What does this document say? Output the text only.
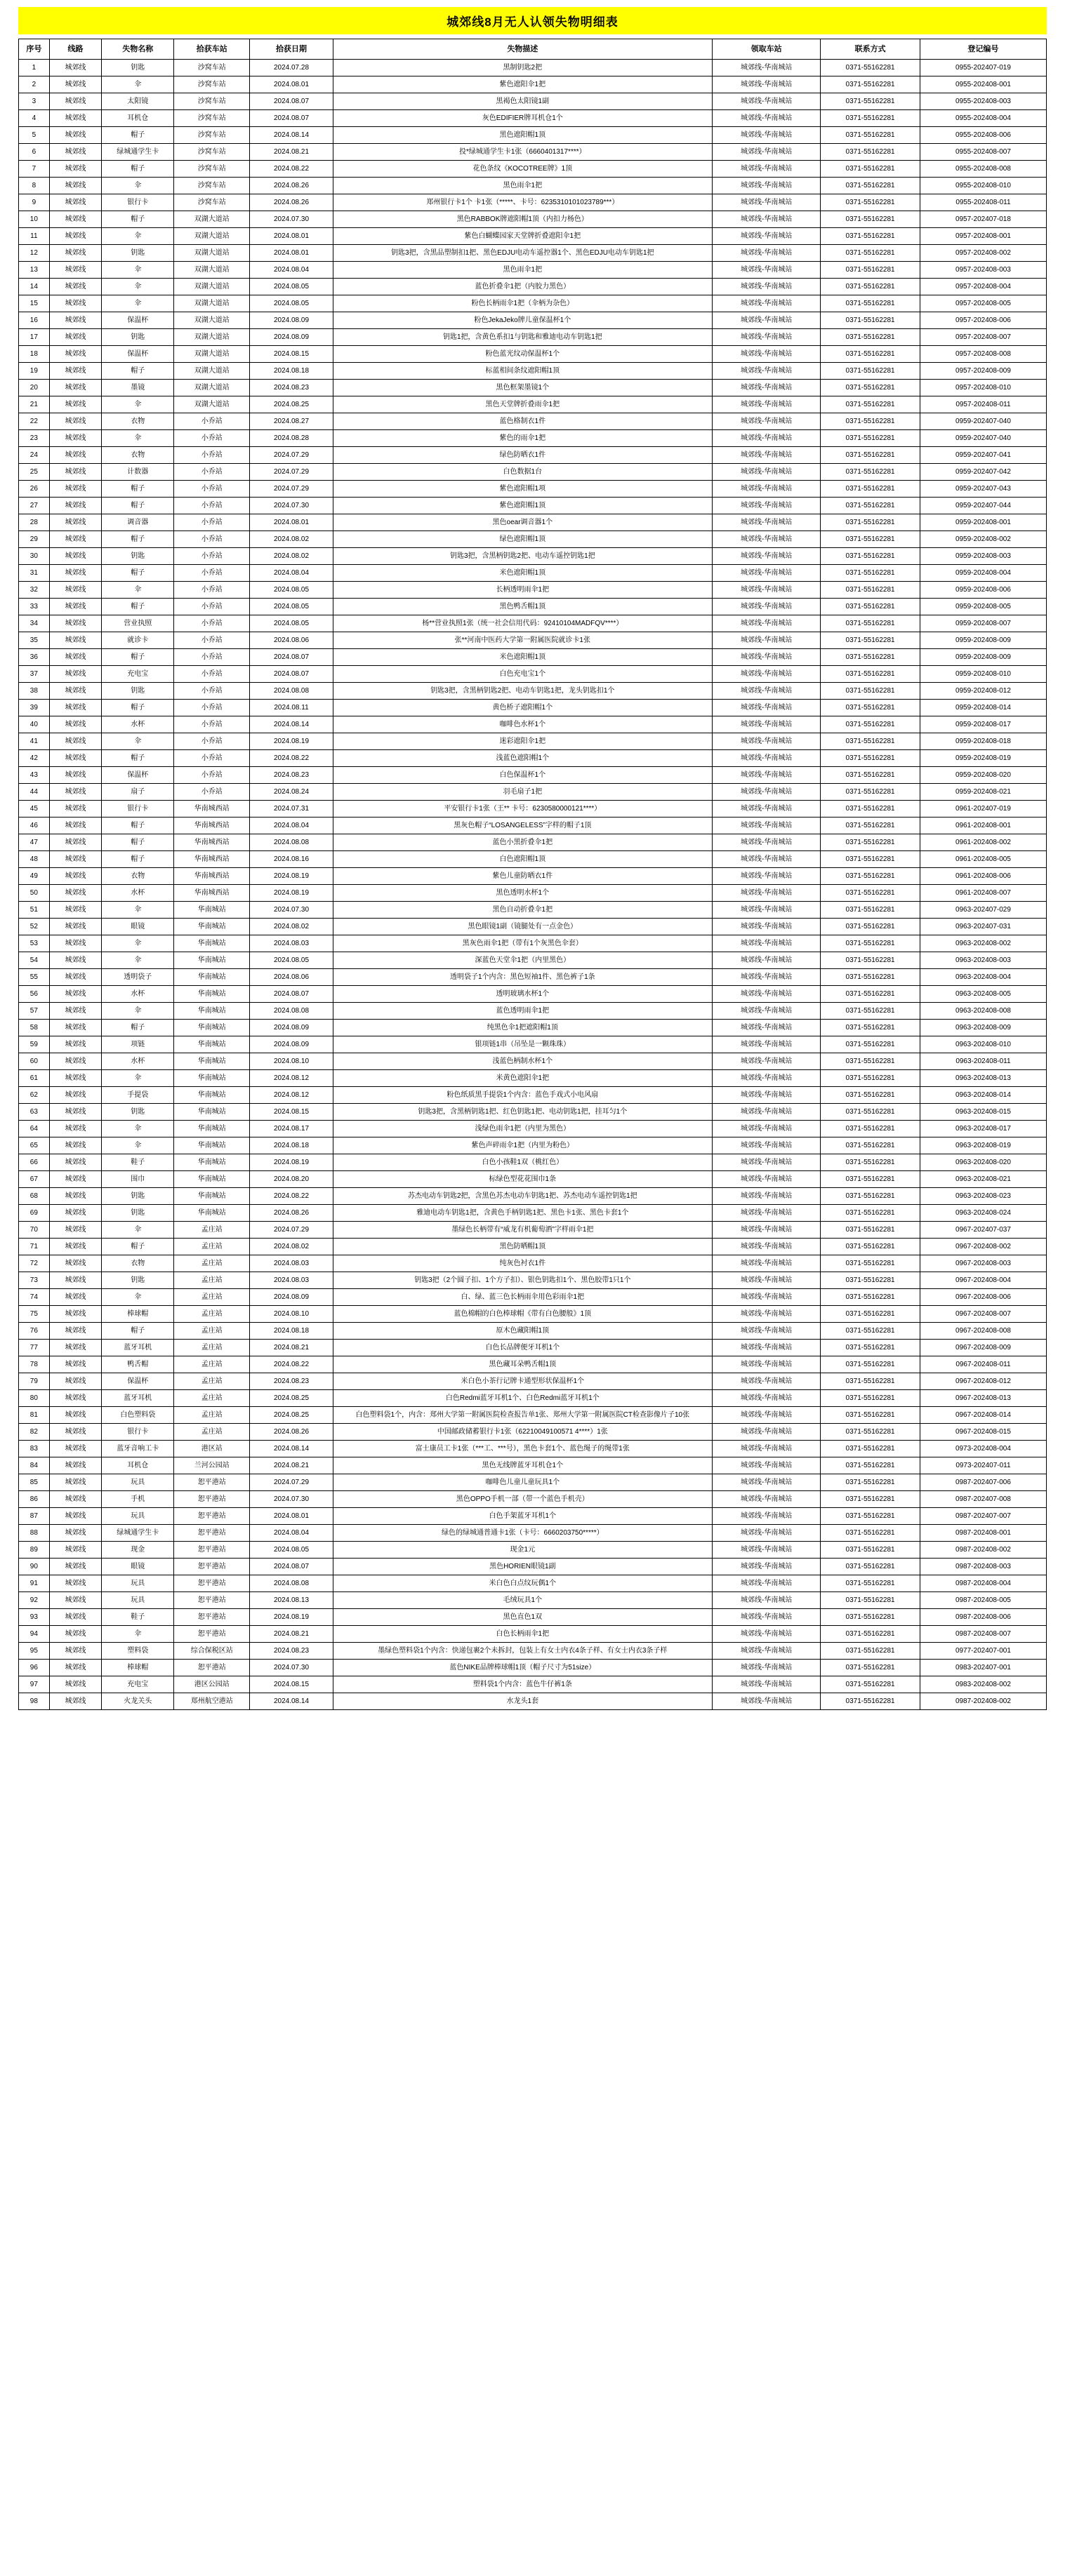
城郊线8月无人认领失物明细表
序号	线路	失物名称	拾获车站	拾获日期	失物描述	领取车站	联系方式	登记编号
1	城郊线	钥匙	沙窝车站	2024.07.28	黑制钥匙2把	城郊线-华南城站	0371-55162281	0955-202407-019
2	城郊线	伞	沙窝车站	2024.08.01	紫色遮阳伞1把	城郊线-华南城站	0371-55162281	0955-202408-001
3	城郊线	太阳镜	沙窝车站	2024.08.07	黑褐色太阳镜1副	城郊线-华南城站	0371-55162281	0955-202408-003
4	城郊线	耳机仓	沙窝车站	2024.08.07	灰色EDIFIER牌耳机仓1个	城郊线-华南城站	0371-55162281	0955-202408-004
5	城郊线	帽子	沙窝车站	2024.08.14	黑色遮阳帽1顶	城郊线-华南城站	0371-55162281	0955-202408-006
6	城郊线	绿城通学生卡	沙窝车站	2024.08.21	投*绿城通学生卡1张（6660401317****）	城郊线-华南城站	0371-55162281	0955-202408-007
7	城郊线	帽子	沙窝车站	2024.08.22	花色条纹《KOCOTREE牌》1顶	城郊线-华南城站	0371-55162281	0955-202408-008
8	城郊线	伞	沙窝车站	2024.08.26	黑色雨伞1把	城郊线-华南城站	0371-55162281	0955-202408-010
9	城郊线	银行卡	沙窝车站	2024.08.26	郑州银行卡1个 卡1张（*****、卡号：6235310101023789***）	城郊线-华南城站	0371-55162281	0955-202408-011
10	城郊线	帽子	双湖大道站	2024.07.30	黑色RABBOK牌遮阳帽1顶（内扣力杨色）	城郊线-华南城站	0371-55162281	0957-202407-018
11	城郊线	伞	双湖大道站	2024.08.01	紫色白蝴蝶园家天堂牌折叠遮阳伞1把	城郊线-华南城站	0371-55162281	0957-202408-001
12	城郊线	钥匙	双湖大道站	2024.08.01	钥匙3把，含黑品塑制扣1把、黑色EDJU电动车遥控器1个、黑色EDJU电动车钥匙1把	城郊线-华南城站	0371-55162281	0957-202408-002
13	城郊线	伞	双湖大道站	2024.08.04	黑色雨伞1把	城郊线-华南城站	0371-55162281	0957-202408-003
14	城郊线	伞	双湖大道站	2024.08.05	蓝色折叠伞1把（内胶力黑色）	城郊线-华南城站	0371-55162281	0957-202408-004
15	城郊线	伞	双湖大道站	2024.08.05	粉色长柄雨伞1把（伞柄为杂色）	城郊线-华南城站	0371-55162281	0957-202408-005
16	城郊线	保温杯	双湖大道站	2024.08.09	粉色JekaJeko牌儿童保温杯1个	城郊线-华南城站	0371-55162281	0957-202408-006
17	城郊线	钥匙	双湖大道站	2024.08.09	钥匙1把，含黄色系扣1与钥匙和雅迪电动车钥匙1把	城郊线-华南城站	0371-55162281	0957-202408-007
18	城郊线	保温杯	双湖大道站	2024.08.15	粉色蓝光纹动保温杯1个	城郊线-华南城站	0371-55162281	0957-202408-008
19	城郊线	帽子	双湖大道站	2024.08.18	标蓝相间条纹遮阳帽1顶	城郊线-华南城站	0371-55162281	0957-202408-009
20	城郊线	墨镜	双湖大道站	2024.08.23	黑色框架墨镜1个	城郊线-华南城站	0371-55162281	0957-202408-010
21	城郊线	伞	双湖大道站	2024.08.25	黑色天堂牌折叠雨伞1把	城郊线-华南城站	0371-55162281	0957-202408-011
22	城郊线	衣物	小乔站	2024.08.27	蓝色格制衣1件	城郊线-华南城站	0371-55162281	0959-202407-040
23	城郊线	伞	小乔站	2024.08.28	紫色的雨伞1把	城郊线-华南城站	0371-55162281	0959-202407-040
24	城郊线	衣物	小乔站	2024.07.29	绿色防晒衣1件	城郊线-华南城站	0371-55162281	0959-202407-041
25	城郊线	计数器	小乔站	2024.07.29	白色数据1台	城郊线-华南城站	0371-55162281	0959-202407-042
26	城郊线	帽子	小乔站	2024.07.29	紫色遮阳帽1项	城郊线-华南城站	0371-55162281	0959-202407-043
27	城郊线	帽子	小乔站	2024.07.30	紫色遮阳帽1顶	城郊线-华南城站	0371-55162281	0959-202407-044
28	城郊线	调音器	小乔站	2024.08.01	黑色oear调音器1个	城郊线-华南城站	0371-55162281	0959-202408-001
29	城郊线	帽子	小乔站	2024.08.02	绿色遮阳帽1顶	城郊线-华南城站	0371-55162281	0959-202408-002
30	城郊线	钥匙	小乔站	2024.08.02	钥匙3把，含黑柄钥匙2把、电动车遥控钥匙1把	城郊线-华南城站	0371-55162281	0959-202408-003
31	城郊线	帽子	小乔站	2024.08.04	米色遮阳帽1顶	城郊线-华南城站	0371-55162281	0959-202408-004
32	城郊线	伞	小乔站	2024.08.05	长柄透明雨伞1把	城郊线-华南城站	0371-55162281	0959-202408-006
33	城郊线	帽子	小乔站	2024.08.05	黑色鸭舌帽1顶	城郊线-华南城站	0371-55162281	0959-202408-005
34	城郊线	营业执照	小乔站	2024.08.05	杨**营业执照1张（统一社会信用代码：92410104MADFQV****）	城郊线-华南城站	0371-55162281	0959-202408-007
35	城郊线	就诊卡	小乔站	2024.08.06	张**河南中医药大学第一附属医院就诊卡1张	城郊线-华南城站	0371-55162281	0959-202408-009
36	城郊线	帽子	小乔站	2024.08.07	米色遮阳帽1顶	城郊线-华南城站	0371-55162281	0959-202408-009
37	城郊线	充电宝	小乔站	2024.08.07	白色充电宝1个	城郊线-华南城站	0371-55162281	0959-202408-010
38	城郊线	钥匙	小乔站	2024.08.08	钥匙3把，含黑柄钥匙2把、电动车钥匙1把，龙头钥匙扣1个	城郊线-华南城站	0371-55162281	0959-202408-012
39	城郊线	帽子	小乔站	2024.08.11	黄色桥子遮阳帽1个	城郊线-华南城站	0371-55162281	0959-202408-014
40	城郊线	水杯	小乔站	2024.08.14	咖啡色水杯1个	城郊线-华南城站	0371-55162281	0959-202408-017
41	城郊线	伞	小乔站	2024.08.19	迷彩遮阳伞1把	城郊线-华南城站	0371-55162281	0959-202408-018
42	城郊线	帽子	小乔站	2024.08.22	浅蓝色遮阳帽1个	城郊线-华南城站	0371-55162281	0959-202408-019
43	城郊线	保温杯	小乔站	2024.08.23	白色保温杯1个	城郊线-华南城站	0371-55162281	0959-202408-020
44	城郊线	扇子	小乔站	2024.08.24	羽毛扇子1把	城郊线-华南城站	0371-55162281	0959-202408-021
45	城郊线	银行卡	华南城西站	2024.07.31	平安银行卡1张（王** 卡号：6230580000121****）	城郊线-华南城站	0371-55162281	0961-202407-019
46	城郊线	帽子	华南城西站	2024.08.04	黑灰色帽子“LOSANGELESS”字样的帽子1顶	城郊线-华南城站	0371-55162281	0961-202408-001
47	城郊线	帽子	华南城西站	2024.08.08	蓝色小黑折叠伞1把	城郊线-华南城站	0371-55162281	0961-202408-002
48	城郊线	帽子	华南城西站	2024.08.16	白色遮阳帽1顶	城郊线-华南城站	0371-55162281	0961-202408-005
49	城郊线	衣物	华南城西站	2024.08.19	紫色儿童防晒衣1件	城郊线-华南城站	0371-55162281	0961-202408-006
50	城郊线	水杯	华南城西站	2024.08.19	黑色透明水杯1个	城郊线-华南城站	0371-55162281	0961-202408-007
51	城郊线	伞	华南城站	2024.07.30	黑色自动折叠伞1把	城郊线-华南城站	0371-55162281	0963-202407-029
52	城郊线	眼镜	华南城站	2024.08.02	黑色眼镜1副（镜腿处有一点金色）	城郊线-华南城站	0371-55162281	0963-202407-031
53	城郊线	伞	华南城站	2024.08.03	黑灰色雨伞1把（带有1个灰黑色伞套）	城郊线-华南城站	0371-55162281	0963-202408-002
54	城郊线	伞	华南城站	2024.08.05	深蓝色天堂伞1把（内里黑色）	城郊线-华南城站	0371-55162281	0963-202408-003
55	城郊线	透明袋子	华南城站	2024.08.06	透明袋子1个内含：黑色短袖1件、黑色裤子1条	城郊线-华南城站	0371-55162281	0963-202408-004
56	城郊线	水杯	华南城站	2024.08.07	透明玻璃水杯1个	城郊线-华南城站	0371-55162281	0963-202408-005
57	城郊线	伞	华南城站	2024.08.08	蓝色透明雨伞1把	城郊线-华南城站	0371-55162281	0963-202408-008
58	城郊线	帽子	华南城站	2024.08.09	纯黑色伞1把遮阳帽1顶	城郊线-华南城站	0371-55162281	0963-202408-009
59	城郊线	项链	华南城站	2024.08.09	银项链1串（吊坠是一颗珠珠）	城郊线-华南城站	0371-55162281	0963-202408-010
60	城郊线	水杯	华南城站	2024.08.10	浅蓝色柄制水杯1个	城郊线-华南城站	0371-55162281	0963-202408-011
61	城郊线	伞	华南城站	2024.08.12	米黄色遮阳伞1把	城郊线-华南城站	0371-55162281	0963-202408-013
62	城郊线	手提袋	华南城站	2024.08.12	粉色纸质黑手提袋1个内含：蓝色手戏式小电风扇	城郊线-华南城站	0371-55162281	0963-202408-014
63	城郊线	钥匙	华南城站	2024.08.15	钥匙3把，含黑柄钥匙1把、红色钥匙1把、电动钥匙1把，挂耳匀1个	城郊线-华南城站	0371-55162281	0963-202408-015
64	城郊线	伞	华南城站	2024.08.17	浅绿色雨伞1把（内里为黑色）	城郊线-华南城站	0371-55162281	0963-202408-017
65	城郊线	伞	华南城站	2024.08.18	紫色声碎雨伞1把（内里为粉色）	城郊线-华南城站	0371-55162281	0963-202408-019
66	城郊线	鞋子	华南城站	2024.08.19	白色小孩鞋1双（桃红色）	城郊线-华南城站	0371-55162281	0963-202408-020
67	城郊线	围巾	华南城站	2024.08.20	标绿色型花花围巾1条	城郊线-华南城站	0371-55162281	0963-202408-021
68	城郊线	钥匙	华南城站	2024.08.22	苏杰电动车钥匙2把，含黑色苏杰电动车钥匙1把、苏杰电动车遥控钥匙1把	城郊线-华南城站	0371-55162281	0963-202408-023
69	城郊线	钥匙	华南城站	2024.08.26	雅迪电动车钥匙1把，含黄色手柄钥匙1把、黑色卡1张、黑色卡套1个	城郊线-华南城站	0371-55162281	0963-202408-024
70	城郊线	伞	孟庄站	2024.07.29	墨绿色长柄带有“威龙有机葡萄酒”字样雨伞1把	城郊线-华南城站	0371-55162281	0967-202407-037
71	城郊线	帽子	孟庄站	2024.08.02	黑色防晒帽1顶	城郊线-华南城站	0371-55162281	0967-202408-002
72	城郊线	衣物	孟庄站	2024.08.03	纯灰色衬衣1件	城郊线-华南城站	0371-55162281	0967-202408-003
73	城郊线	钥匙	孟庄站	2024.08.03	钥匙3把（2个圆子扣、1个方子扣）、银色钥匙扣1个、黑色胶带1只1个	城郊线-华南城站	0371-55162281	0967-202408-004
74	城郊线	伞	孟庄站	2024.08.09	白、绿、蓝三色长柄雨伞用色彩雨伞1把	城郊线-华南城站	0371-55162281	0967-202408-006
75	城郊线	棒球帽	孟庄站	2024.08.10	蓝色棉帽的白色棒球帽《带有白色腰般》1顶	城郊线-华南城站	0371-55162281	0967-202408-007
76	城郊线	帽子	孟庄站	2024.08.18	原木色藏阳帽1顶	城郊线-华南城站	0371-55162281	0967-202408-008
77	城郊线	蓝牙耳机	孟庄站	2024.08.21	白色长品牌便牙耳机1个	城郊线-华南城站	0371-55162281	0967-202408-009
78	城郊线	鸭舌帽	孟庄站	2024.08.22	黑色藏耳朵鸭舌帽1顶	城郊线-华南城站	0371-55162281	0967-202408-011
79	城郊线	保温杯	孟庄站	2024.08.23	米白色小茶行记牌卡通型形状保温杯1个	城郊线-华南城站	0371-55162281	0967-202408-012
80	城郊线	蓝牙耳机	孟庄站	2024.08.25	白色Redmi蓝牙耳机1个、白色Redmi蓝牙耳机1个	城郊线-华南城站	0371-55162281	0967-202408-013
81	城郊线	白色塑料袋	孟庄站	2024.08.25	白色塑料袋1个，内含：郑州大学第一附属医院检查报告单1张、郑州大学第一附属医院CT检查影像片子10张	城郊线-华南城站	0371-55162281	0967-202408-014
82	城郊线	银行卡	孟庄站	2024.08.26	中国邮政储蓄银行卡1张（62210049100571 4****）1张	城郊线-华南城站	0371-55162281	0967-202408-015
83	城郊线	蓝牙音响工卡	港区站	2024.08.14	富士康员工卡1张（***工、***号），黑色卡套1个、蓝色绳子的绳带1张	城郊线-华南城站	0371-55162281	0973-202408-004
84	城郊线	耳机仓	兰河公园站	2024.08.21	黑色无线牌蓝牙耳机仓1个	城郊线-华南城站	0371-55162281	0973-202407-011
85	城郊线	玩具	恕平港站	2024.07.29	咖啡色儿童儿童玩具1个	城郊线-华南城站	0371-55162281	0987-202407-006
86	城郊线	手机	恕平港站	2024.07.30	黑色OPPO手机一部（带一个蓝色手机壳）	城郊线-华南城站	0371-55162281	0987-202407-008
87	城郊线	玩具	恕平港站	2024.08.01	白色手架蓝牙耳机1个	城郊线-华南城站	0371-55162281	0987-202407-007
88	城郊线	绿城通学生卡	恕平港站	2024.08.04	绿色的绿城通普通卡1张（卡号：6660203750*****）	城郊线-华南城站	0371-55162281	0987-202408-001
89	城郊线	现金	恕平港站	2024.08.05	现金1元	城郊线-华南城站	0371-55162281	0987-202408-002
90	城郊线	眼镜	恕平港站	2024.08.07	黑色HORIEN眼镜1副	城郊线-华南城站	0371-55162281	0987-202408-003
91	城郊线	玩具	恕平港站	2024.08.08	米白色白点纹玩偶1个	城郊线-华南城站	0371-55162281	0987-202408-004
92	城郊线	玩具	恕平港站	2024.08.13	毛绒玩具1个	城郊线-华南城站	0371-55162281	0987-202408-005
93	城郊线	鞋子	恕平港站	2024.08.19	黑色直色1双	城郊线-华南城站	0371-55162281	0987-202408-006
94	城郊线	伞	恕平港站	2024.08.21	白色长柄雨伞1把	城郊线-华南城站	0371-55162281	0987-202408-007
95	城郊线	塑料袋	综合保税区站	2024.08.23	墨绿色塑料袋1个内含：快递包裹2个未拆封，包装上有女士内衣4条子样、有女士内衣3条子样	城郊线-华南城站	0371-55162281	0977-202407-001
96	城郊线	棒球帽	恕平港站	2024.07.30	蓝色NIKE品牌棒球帽1顶（帽子尺寸为51size）	城郊线-华南城站	0371-55162281	0983-202407-001
97	城郊线	充电宝	港区公园站	2024.08.15	塑料袋1个内含：蓝色牛仔裤1条	城郊线-华南城站	0371-55162281	0983-202408-002
98	城郊线	火龙关头	郑州航空港站	2024.08.14	水龙头1套	城郊线-华南城站	0371-55162281	0987-202408-002
